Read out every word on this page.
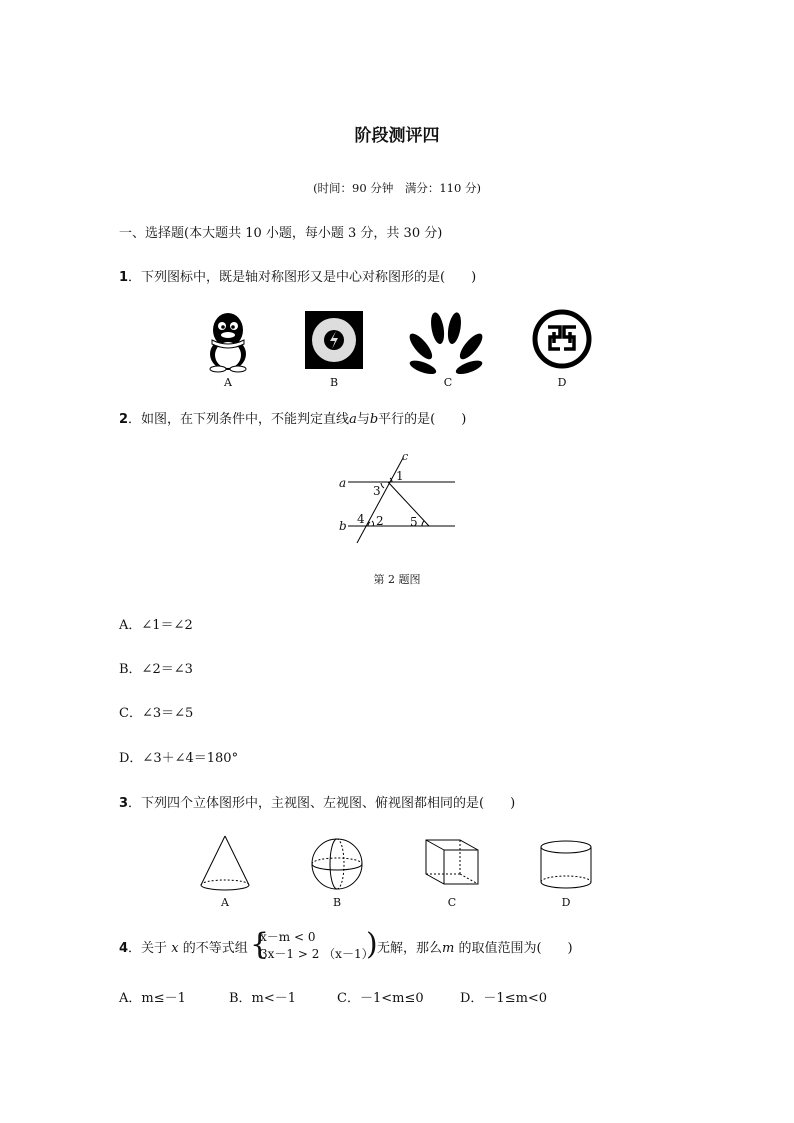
阶段测评四
(时间：90 分钟　满分：110 分)
一、选择题(本大题共 10 小题，每小题 3 分，共 30 分)
1．下列图标中，既是轴对称图形又是中心对称图形的是(　　)
A	B	C	D
2．如图，在下列条件中，不能判定直线a与b平行的是(　　)
c
a
b
1
3
4 2 5
第 2 题图
A．∠1＝∠2
B．∠2＝∠3
C．∠3＝∠5
D．∠3＋∠4＝180°
3．下列四个立体图形中，主视图、左视图、俯视图都相同的是(　　)
A	B	C	D
4．关于 x 的不等式组 {
x－m < 0
3x－1 > 2 （x－1）
) 无解，那么m 的取值范围为(　　)
A．m≤－1	B．m<－1	C．－1<m≤0	D．－1≤m<0
